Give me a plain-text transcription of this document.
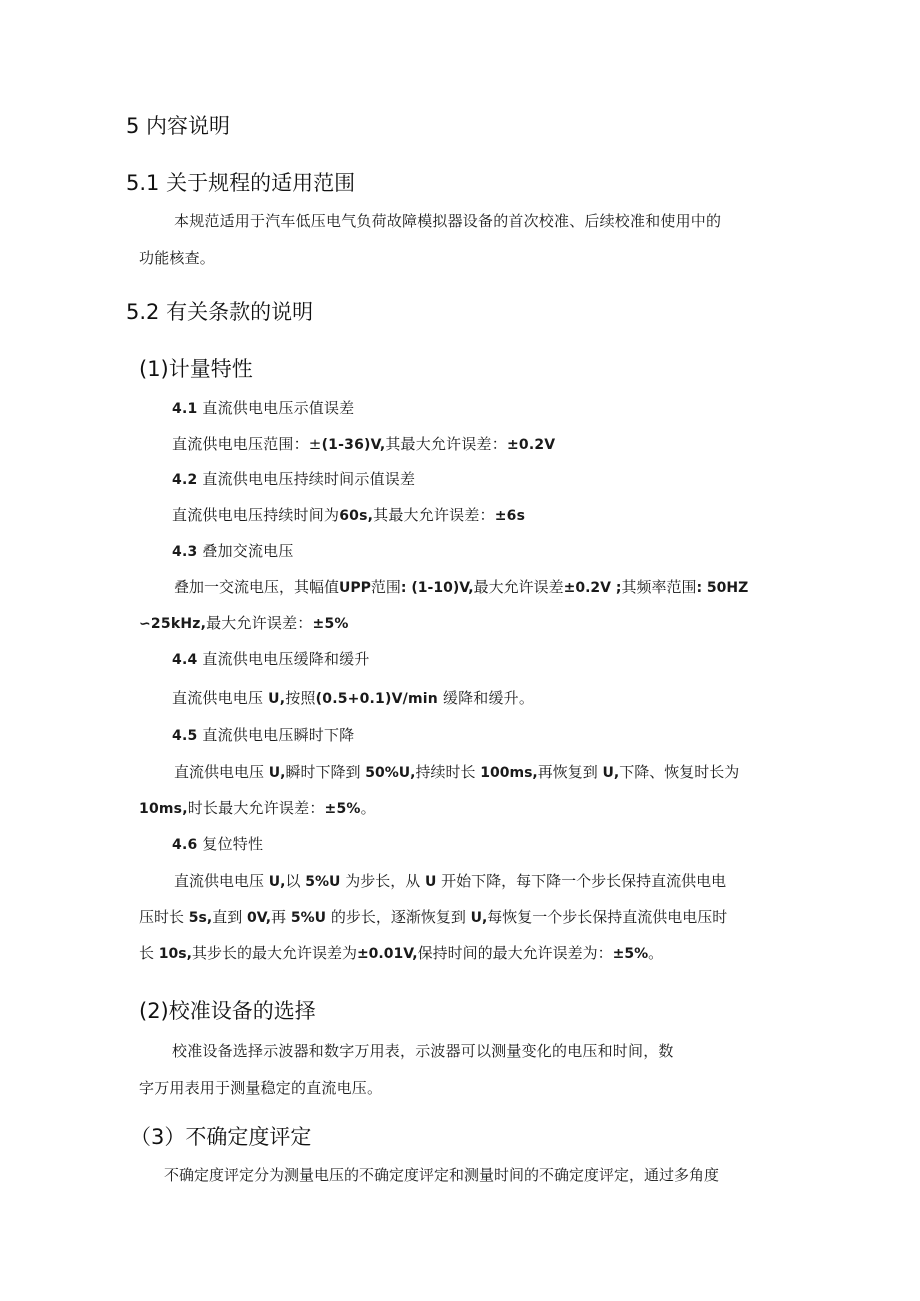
5 内容说明
5.1 关于规程的适用范围
本规范适用于汽车低压电气负荷故障模拟器设备的首次校准、后续校准和使用中的
功能核查。
5.2 有关条款的说明
(1)计量特性
4.1 直流供电电压示值误差
直流供电电压范围：±(1-36)V,其最大允许误差：±0.2V
4.2 直流供电电压持续时间示值误差
直流供电电压持续时间为60s,其最大允许误差：±6s
4.3 叠加交流电压
叠加一交流电压，其幅值UPP范围: (1-10)V,最大允许误差±0.2V ;其频率范围: 50HZ
∽25kHz,最大允许误差：±5%
4.4 直流供电电压缓降和缓升
直流供电电压 U,按照(0.5+0.1)V/min 缓降和缓升。
4.5 直流供电电压瞬时下降
直流供电电压 U,瞬时下降到 50%U,持续时长 100ms,再恢复到 U,下降、恢复时长为
10ms,时长最大允许误差：±5%。
4.6 复位特性
直流供电电压 U,以 5%U 为步长，从 U 开始下降，每下降一个步长保持直流供电电
压时长 5s,直到 0V,再 5%U 的步长，逐渐恢复到 U,每恢复一个步长保持直流供电电压时
长 10s,其步长的最大允许误差为±0.01V,保持时间的最大允许误差为：±5%。
(2)校准设备的选择
校准设备选择示波器和数字万用表，示波器可以测量变化的电压和时间，数
字万用表用于测量稳定的直流电压。
（3）不确定度评定
不确定度评定分为测量电压的不确定度评定和测量时间的不确定度评定，通过多角度
